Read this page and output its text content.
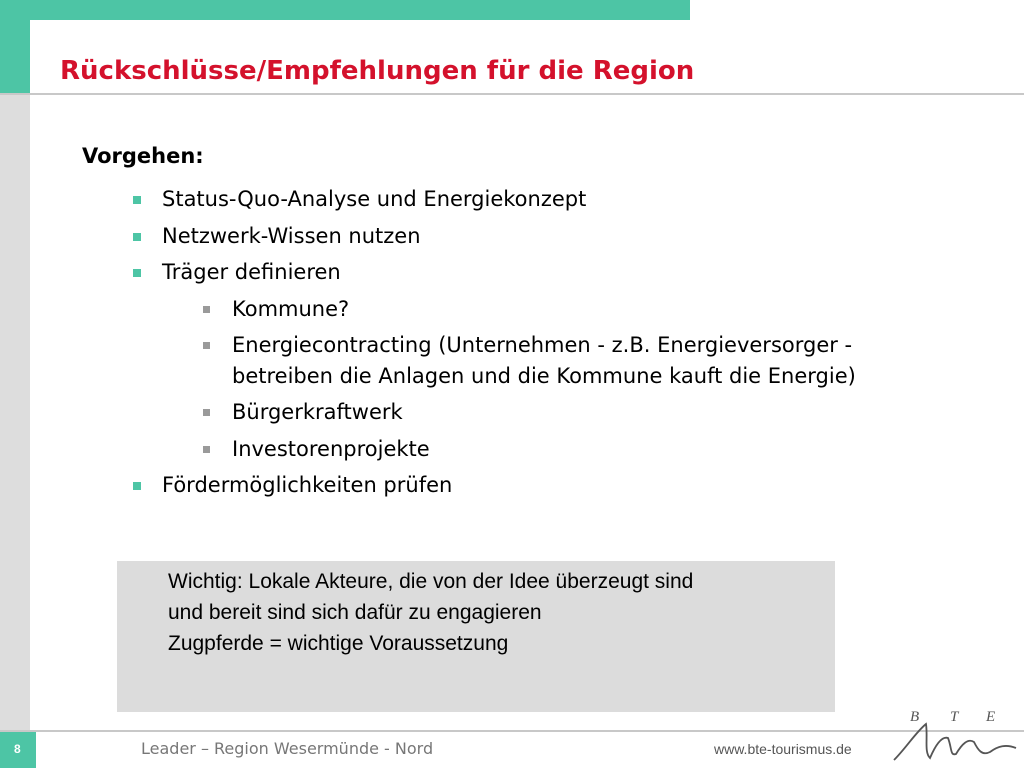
Rückschlüsse/Empfehlungen für die Region
Vorgehen:
Status-Quo-Analyse und Energiekonzept
Netzwerk-Wissen nutzen
Träger definieren
Kommune?
Energiecontracting (Unternehmen - z.B. Energieversorger - betreiben die Anlagen und die Kommune kauft die Energie)
Bürgerkraftwerk
Investorenprojekte
Fördermöglichkeiten prüfen
Wichtig: Lokale Akteure, die von der Idee überzeugt sind
und bereit sind sich dafür zu engagieren
Zugpferde = wichtige Voraussetzung
8	Leader – Region Wesermünde - Nord	www.bte-tourismus.de
B T E
